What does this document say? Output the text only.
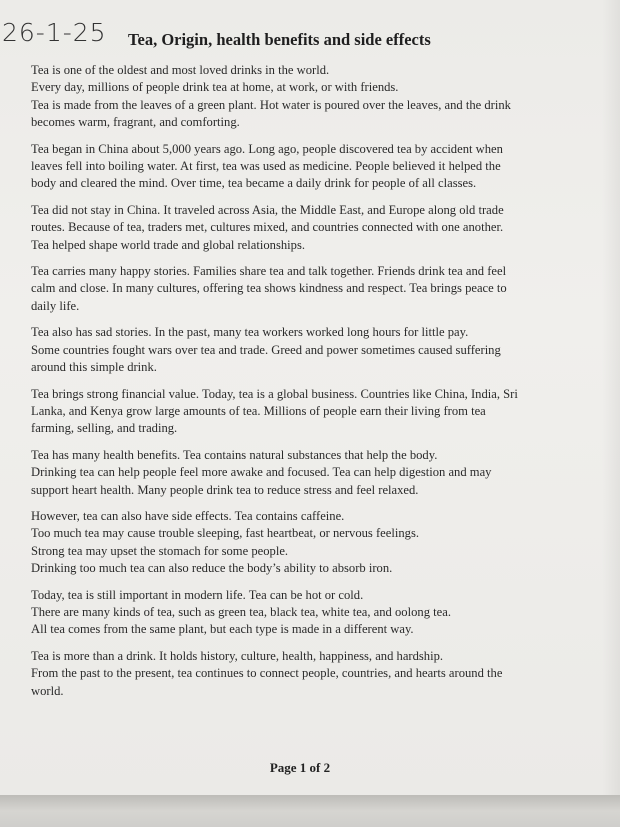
26-1-25 Tea, Origin, health benefits and side effects

Tea is one of the oldest and most loved drinks in the world.
Every day, millions of people drink tea at home, at work, or with friends.
Tea is made from the leaves of a green plant. Hot water is poured over the leaves, and the drink
becomes warm, fragrant, and comforting.

Tea began in China about 5,000 years ago. Long ago, people discovered tea by accident when
leaves fell into boiling water. At first, tea was used as medicine. People believed it helped the
body and cleared the mind. Over time, tea became a daily drink for people of all classes.

Tea did not stay in China. It traveled across Asia, the Middle East, and Europe along old trade
routes. Because of tea, traders met, cultures mixed, and countries connected with one another.
Tea helped shape world trade and global relationships.

Tea carries many happy stories. Families share tea and talk together. Friends drink tea and feel
calm and close. In many cultures, offering tea shows kindness and respect. Tea brings peace to
daily life.

Tea also has sad stories. In the past, many tea workers worked long hours for little pay.
Some countries fought wars over tea and trade. Greed and power sometimes caused suffering
around this simple drink.

Tea brings strong financial value. Today, tea is a global business. Countries like China, India, Sri
Lanka, and Kenya grow large amounts of tea. Millions of people earn their living from tea
farming, selling, and trading.

Tea has many health benefits. Tea contains natural substances that help the body.
Drinking tea can help people feel more awake and focused. Tea can help digestion and may
support heart health. Many people drink tea to reduce stress and feel relaxed.

However, tea can also have side effects. Tea contains caffeine.
Too much tea may cause trouble sleeping, fast heartbeat, or nervous feelings.
Strong tea may upset the stomach for some people.
Drinking too much tea can also reduce the body’s ability to absorb iron.

Today, tea is still important in modern life. Tea can be hot or cold.
There are many kinds of tea, such as green tea, black tea, white tea, and oolong tea.
All tea comes from the same plant, but each type is made in a different way.

Tea is more than a drink. It holds history, culture, health, happiness, and hardship.
From the past to the present, tea continues to connect people, countries, and hearts around the
world.

Page 1 of 2
